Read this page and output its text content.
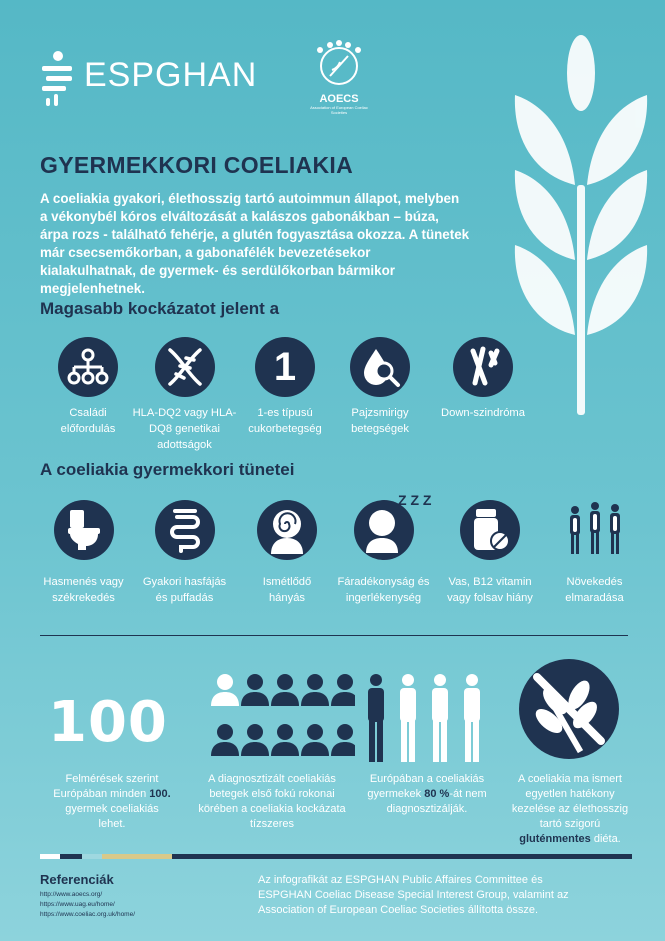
ESPGHAN
AOECS
Association of European Coeliac Societies
GYERMEKKORI COELIAKIA
A coeliakia gyakori, élethosszig tartó autoimmun állapot, melyben a vékonybél kóros elváltozását a kalászos gabonákban – búza, árpa rozs - található fehérje, a glutén fogyasztása okozza. A tünetek már csecsemőkorban, a gabonafélék bevezetésekor kialakulhatnak, de gyermek- és serdülőkorban bármikor megjelenhetnek.
Magasabb kockázatot jelent a
Családi előfordulás
HLA-DQ2 vagy HLA-DQ8 genetikai adottságok
1
1-es típusú cukorbetegség
Pajzsmirigy betegségek
Down-szindróma
A coeliakia gyermekkori tünetei
Hasmenés vagy székrekedés
Gyakori hasfájás és puffadás
Ismétlődő hányás
Z Z Z
Fáradékonyság és ingerlékenység
Vas, B12 vitamin vagy folsav hiány
Növekedés elmaradása
100
Felmérések szerint Európában minden 100. gyermek coeliakiás lehet.
A diagnosztizált coeliakiás betegek első fokú rokonai körében a coeliakia kockázata tízszeres
Európában a coeliakiás gyermekek 80 %-át nem diagnosztizálják.
A coeliakia ma ismert egyetlen hatékony kezelése az élethosszig tartó szigorú gluténmentes diéta.
Referenciák
http://www.aoecs.org/
https://www.uag.eu/home/
https://www.coeliac.org.uk/home/
Az infografikát az ESPGHAN Public Affaires Committee és ESPGHAN Coeliac Disease Special Interest Group, valamint az Association of European Coeliac Societies állította össze.
